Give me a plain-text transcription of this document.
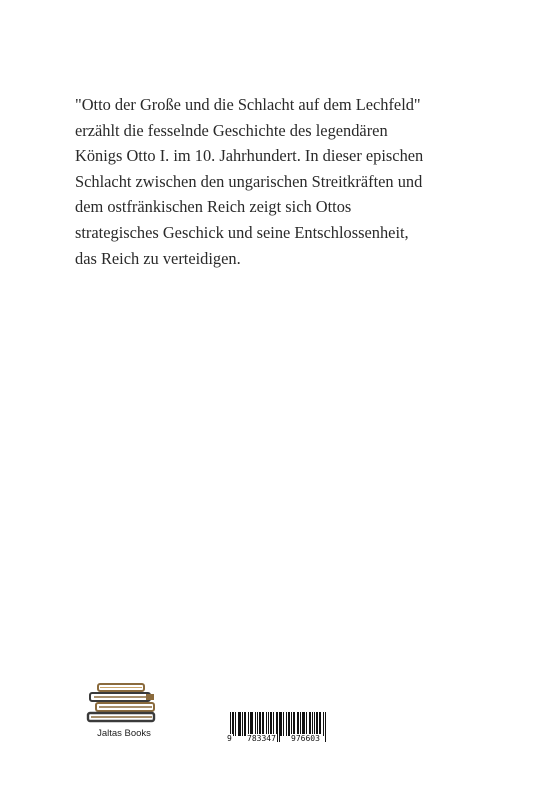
"Otto der Große und die Schlacht auf dem Lechfeld"
erzählt die fesselnde Geschichte des legendären
Königs Otto I. im 10. Jahrhundert. In dieser epischen
Schlacht zwischen den ungarischen Streitkräften und
dem ostfränkischen Reich zeigt sich Ottos
strategisches Geschick und seine Entschlossenheit,
das Reich zu verteidigen.
Jaltas Books	9 783347 976603
